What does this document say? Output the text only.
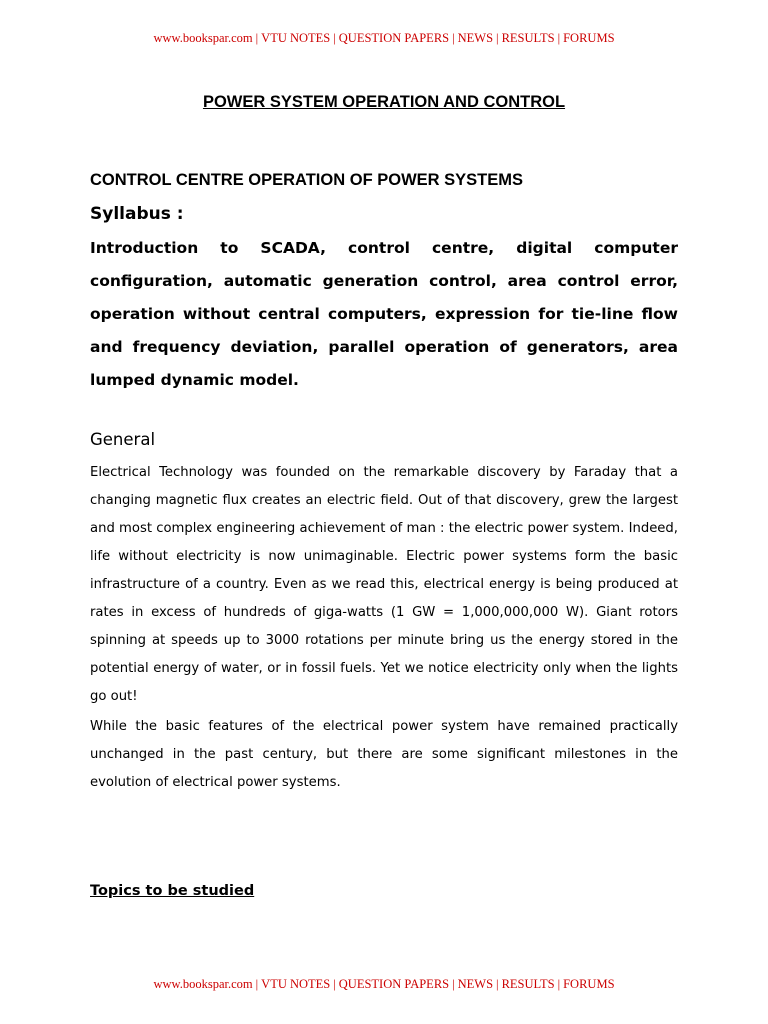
www.bookspar.com | VTU NOTES | QUESTION PAPERS | NEWS | RESULTS | FORUMS
POWER SYSTEM OPERATION AND CONTROL
CONTROL CENTRE OPERATION OF POWER SYSTEMS
Syllabus :

Introduction to SCADA, control centre, digital computer configuration, automatic generation control, area control error, operation without central computers, expression for tie-line flow and frequency deviation, parallel operation of generators, area lumped dynamic model.

General

Electrical Technology was founded on the remarkable discovery by Faraday that a changing magnetic flux creates an electric field. Out of that discovery, grew the largest and most complex engineering achievement of man : the electric power system. Indeed, life without electricity is now unimaginable. Electric power systems form the basic infrastructure of a country. Even as we read this, electrical energy is being produced at rates in excess of hundreds of giga-watts (1 GW = 1,000,000,000 W). Giant rotors spinning at speeds up to 3000 rotations per minute bring us the energy stored in the potential energy of water, or in fossil fuels. Yet we notice electricity only when the lights go out!

While the basic features of the electrical power system have remained practically unchanged in the past century, but there are some significant milestones in the evolution of electrical power systems.

Topics to be studied
www.bookspar.com | VTU NOTES | QUESTION PAPERS | NEWS | RESULTS | FORUMS
